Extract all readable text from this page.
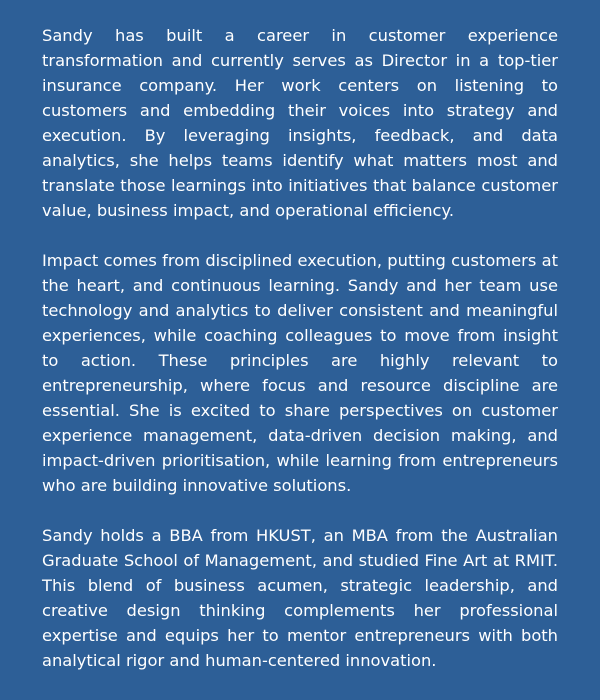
Sandy has built a career in customer experience transformation and currently serves as Director in a top-tier insurance company. Her work centers on listening to customers and embedding their voices into strategy and execution. By leveraging insights, feedback, and data analytics, she helps teams identify what matters most and translate those learnings into initiatives that balance customer value, business impact, and operational efficiency.

Impact comes from disciplined execution, putting customers at the heart, and continuous learning. Sandy and her team use technology and analytics to deliver consistent and meaningful experiences, while coaching colleagues to move from insight to action. These principles are highly relevant to entrepreneurship, where focus and resource discipline are essential. She is excited to share perspectives on customer experience management, data-driven decision making, and impact-driven prioritisation, while learning from entrepreneurs who are building innovative solutions.

Sandy holds a BBA from HKUST, an MBA from the Australian Graduate School of Management, and studied Fine Art at RMIT. This blend of business acumen, strategic leadership, and creative design thinking complements her professional expertise and equips her to mentor entrepreneurs with both analytical rigor and human-centered innovation.
